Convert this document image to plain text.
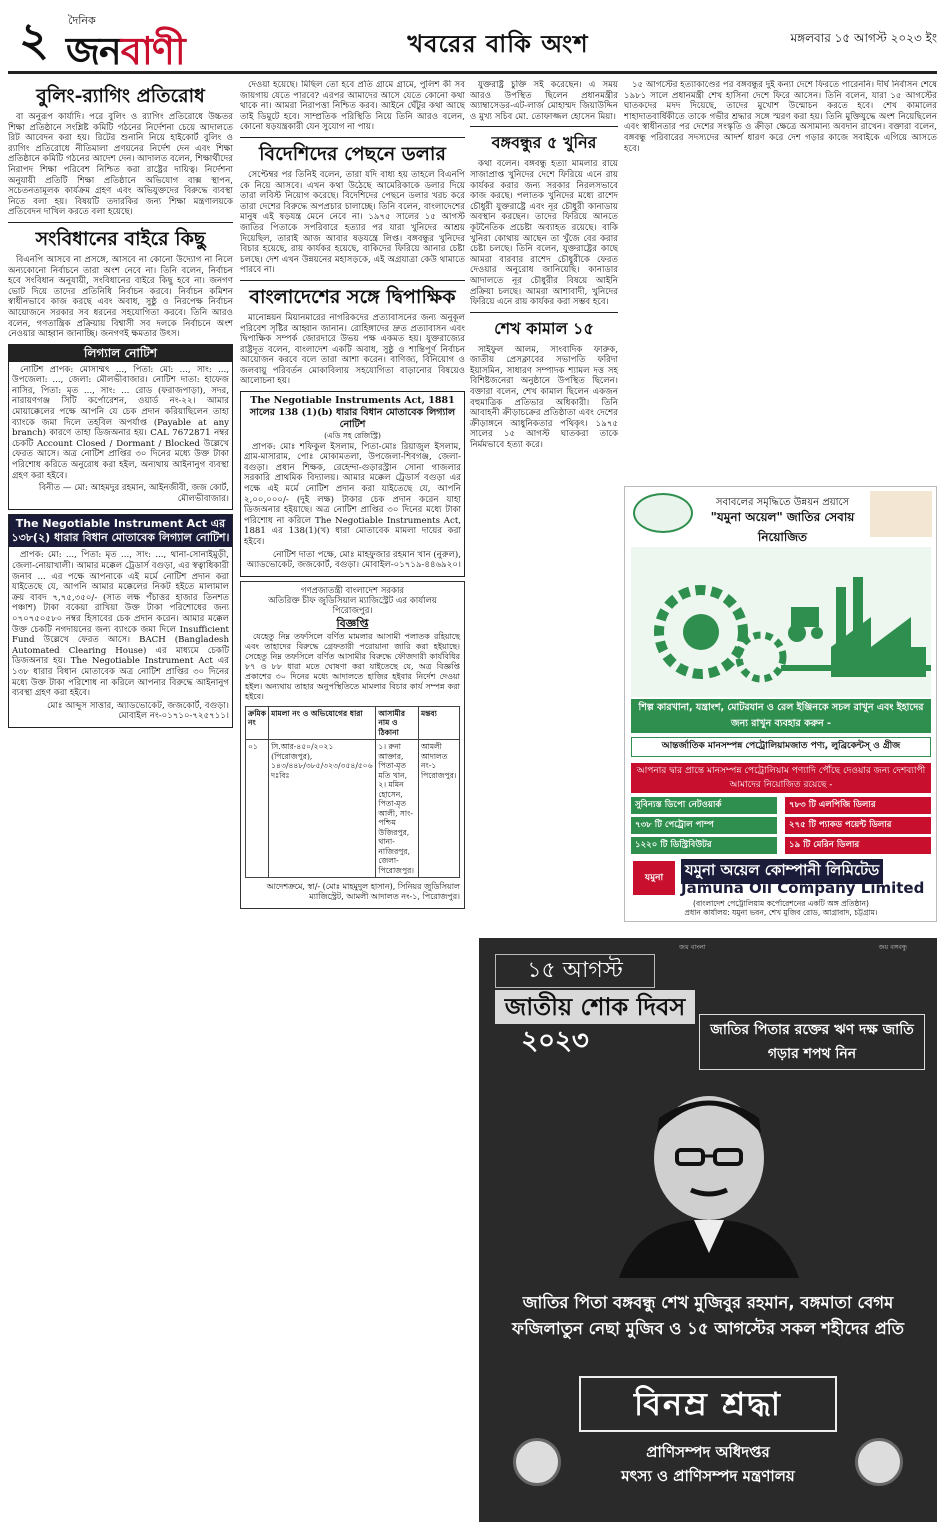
২	দৈনিক
জনবাণী	খবরের বাকি অংশ	মঙ্গলবার ১৫ আগস্ট ২০২৩ ইং
বুলিং-র‍্যাগিং প্রতিরোধ

বা অনুরূপ কার্যাদি। পরে বুলিং ও র‍্যাগিং প্রতিরোধে উচ্চতর শিক্ষা প্রতিষ্ঠানে সংশ্লিষ্ট কমিটি গঠনের নির্দেশনা চেয়ে আদালতে রিট আবেদন করা হয়। রিটের শুনানি নিয়ে হাইকোর্ট বুলিং ও র‍্যাগিং প্রতিরোধে নীতিমালা প্রণয়নের নির্দেশ দেন এবং শিক্ষা প্রতিষ্ঠানে কমিটি গঠনের আদেশ দেন। আদালত বলেন, শিক্ষার্থীদের নিরাপদ শিক্ষা পরিবেশ নিশ্চিত করা রাষ্ট্রের দায়িত্ব। নির্দেশনা অনুযায়ী প্রতিটি শিক্ষা প্রতিষ্ঠানে অভিযোগ বাক্স স্থাপন, সচেতনতামূলক কার্যক্রম গ্রহণ এবং অভিযুক্তদের বিরুদ্ধে ব্যবস্থা নিতে বলা হয়। বিষয়টি তদারকির জন্য শিক্ষা মন্ত্রণালয়কে প্রতিবেদন দাখিল করতে বলা হয়েছে।

সংবিধানের বাইরে কিছু

বিএনপি আসবে না প্রসঙ্গে, আসবে না কোনো উদ্যোগ না নিলে অন্যকোনো নির্বাচনে তারা অংশ নেবে না। তিনি বলেন, নির্বাচন হবে সংবিধান অনুযায়ী, সংবিধানের বাইরে কিছু হবে না। জনগণ ভোট দিয়ে তাদের প্রতিনিধি নির্বাচন করবে। নির্বাচন কমিশন স্বাধীনভাবে কাজ করছে এবং অবাধ, সুষ্ঠু ও নিরপেক্ষ নির্বাচন আয়োজনে সরকার সব ধরনের সহযোগিতা করবে। তিনি আরও বলেন, গণতান্ত্রিক প্রক্রিয়ায় বিশ্বাসী সব দলকে নির্বাচনে অংশ নেওয়ার আহ্বান জানাচ্ছি। জনগণই ক্ষমতার উৎস।

লিগ্যাল নোটিশ

নোটিশ প্রাপক: মোসাম্মৎ ..., পিতা: মো: ..., সাং: ..., উপজেলা: ..., জেলা: মৌলভীবাজার। নোটিশ দাতা: হাফেজ নাসির, পিতা: মৃত ..., সাং: ... রোড (ফরাজপাড়া), সদর, নারায়ণগঞ্জ সিটি কর্পোরেশন, ওয়ার্ড নং-২২। আমার মোয়াক্কেলের পক্ষে আপনি যে চেক প্রদান করিয়াছিলেন তাহা ব্যাংকে জমা দিলে তহবিল অপর্যাপ্ত (Payable at any branch) কারণে তাহা ডিজঅনার হয়। CAL 7672871 নম্বর চেকটি Account Closed / Dormant / Blocked উল্লেখে ফেরত আসে। অত্র নোটিশ প্রাপ্তির ৩০ দিনের মধ্যে উক্ত টাকা পরিশোধ করিতে অনুরোধ করা হইল, অন্যথায় আইনানুগ ব্যবস্থা গ্রহণ করা হইবে।

বিনীত — মো: আহমদুর রহমান, আইনজীবী, জজ কোর্ট, মৌলভীবাজার।

The Negotiable Instrument Act এর ১৩৮(২) ধারার বিধান মোতাবেক লিগ্যাল নোটিশ।

প্রাপক: মো: ..., পিতা: মৃত ..., সাং: ..., থানা-সোনাইমুড়ী, জেলা-নোয়াখালী। আমার মক্কেল ট্রেডার্স বগুড়া, এর স্বত্বাধিকারী জনাব ... এর পক্ষে আপনাকে এই মর্মে নোটিশ প্রদান করা যাইতেছে যে, আপনি আমার মক্কেলের নিকট হইতে মালামাল ক্রয় বাবদ ৭,৭৫,৩৫০/- (সাত লক্ষ পঁচাত্তর হাজার তিনশত পঞ্চাশ) টাকা বকেয়া রাখিয়া উক্ত টাকা পরিশোধের জন্য ০৭০৭৫০৫৮০ নম্বর হিসাবের চেক প্রদান করেন। আমার মক্কেল উক্ত চেকটি নগদায়নের জন্য ব্যাংকে জমা দিলে Insufficient Fund উল্লেখে ফেরত আসে। BACH (Bangladesh Automated Clearing House) এর মাধ্যমে চেকটি ডিজঅনার হয়। The Negotiable Instrument Act এর ১৩৮ ধারার বিধান মোতাবেক অত্র নোটিশ প্রাপ্তির ৩০ দিনের মধ্যে উক্ত টাকা পরিশোধ না করিলে আপনার বিরুদ্ধে আইনানুগ ব্যবস্থা গ্রহণ করা হইবে।

মোঃ আব্দুস সাত্তার, অ্যাডভোকেট, জজকোর্ট, বগুড়া। মোবাইল নং-০১৭১০-৭২৫৭১১।

দেওয়া হয়েছে। মিছিল তো হবে প্রতি গ্রামে গ্রামে, পুলিশ কী সব জায়গায় যেতে পারবে? এরপর আমাদের আসে যেতে কোনো কথা থাকে না। আমরা নিরাপত্তা নিশ্চিত করব। আইনে ঘেঁটুর কথা আছে তাই ডিমুটে হবে। সাম্প্রতিক পরিস্থিতি নিয়ে তিনি আরও বলেন, কোনো ষড়যন্ত্রকারী যেন সুযোগ না পায়।

বিদেশিদের পেছনে ডলার

সেপ্টেম্বর পর তিনিই বলেন, তারা যদি বাধ্য হয় তাহলে বিএনপি কে নিয়ে আসবে। এখন কথা উঠেছে আমেরিকাকে ডলার দিয়ে তারা লবিস্ট নিয়োগ করেছে। বিদেশিদের পেছনে ডলার খরচ করে তারা দেশের বিরুদ্ধে অপপ্রচার চালাচ্ছে। তিনি বলেন, বাংলাদেশের মানুষ এই ষড়যন্ত্র মেনে নেবে না। ১৯৭৫ সালের ১৫ আগস্ট জাতির পিতাকে সপরিবারে হত্যার পর যারা খুনিদের আশ্রয় দিয়েছিল, তারাই আজ আবার ষড়যন্ত্রে লিপ্ত। বঙ্গবন্ধুর খুনিদের বিচার হয়েছে, রায় কার্যকর হয়েছে, বাকিদের ফিরিয়ে আনার চেষ্টা চলছে। দেশ এখন উন্নয়নের মহাসড়কে, এই অগ্রযাত্রা কেউ থামাতে পারবে না।

বাংলাদেশের সঙ্গে দ্বিপাক্ষিক

মানোন্নয়ন মিয়ানমারের নাগরিকদের প্রত্যাবাসনের জন্য অনুকূল পরিবেশ সৃষ্টির আহ্বান জানান। রোহিঙ্গাদের দ্রুত প্রত্যাবাসন এবং দ্বিপাক্ষিক সম্পর্ক জোরদারে উভয় পক্ষ একমত হয়। যুক্তরাজ্যের রাষ্ট্রদূত বলেন, বাংলাদেশ একটি অবাধ, সুষ্ঠু ও শান্তিপূর্ণ নির্বাচন আয়োজন করবে বলে তারা আশা করেন। বাণিজ্য, বিনিয়োগ ও জলবায়ু পরিবর্তন মোকাবিলায় সহযোগিতা বাড়ানোর বিষয়েও আলোচনা হয়।

The Negotiable Instruments Act, 1881 সালের 138 (1)(b) ধারার বিধান মোতাবেক লিগ্যাল নোটিশ
(এডি সহ রেজিস্ট্রি)

প্রাপক: মোঃ শফিকুল ইসলাম, পিতা-মোঃ রিয়াজুল ইসলাম, গ্রাম-মাসারাম, পোঃ মোকামতলা, উপজেলা-শিবগঞ্জ, জেলা-বগুড়া। প্রধান শিক্ষক, রেহেন্দা-গুড়ারস্ট্রান সোনা গাজলার সরকারি প্রাথমিক বিদ্যালয়। আমার মক্কেল ট্রেডার্স বগুড়া এর পক্ষে এই মর্মে নোটিশ প্রদান করা যাইতেছে যে, আপনি ২,০০,০০০/- (দুই লক্ষ) টাকার চেক প্রদান করেন যাহা ডিজঅনার হইয়াছে। অত্র নোটিশ প্রাপ্তির ৩০ দিনের মধ্যে টাকা পরিশোধ না করিলে The Negotiable Instruments Act, 1881 এর 138(1)(খ) ধারা মোতাবেক মামলা দায়ের করা হইবে।

নোটিশ দাতা পক্ষে, মোঃ মাহফুজার রহমান খান (নুরুল), অ্যাডভোকেট, জজকোর্ট, বগুড়া। মোবাইল-০১৭১৯-৪৪৬৯২০।

গণপ্রজাতন্ত্রী বাংলাদেশ সরকার
অতিরিক্ত চীফ জুডিসিয়াল ম্যাজিস্ট্রেট এর কার্যালয়
পিরোজপুর।
বিজ্ঞপ্তি

যেহেতু নিম্ন তফসিলে বর্ণিত মামলার আসামী পলাতক রহিয়াছে এবং তাহাদের বিরুদ্ধে গ্রেফতারী পরোয়ানা জারি করা হইয়াছে। সেহেতু নিম্ন তফসিলে বর্ণিত আসামীর বিরুদ্ধে ফৌজদারী কার্যবিধির ৮৭ ও ৮৮ ধারা মতে ঘোষণা করা যাইতেছে যে, অত্র বিজ্ঞপ্তি প্রকাশের ৩০ দিনের মধ্যে আদালতে হাজির হইবার নির্দেশ দেওয়া হইল। অন্যথায় তাহার অনুপস্থিতিতে মামলার বিচার কার্য সম্পন্ন করা হইবে।

ক্রমিক নং	মামলা নং ও অভিযোগের ধারা	আসামীর নাম ও ঠিকানা	মন্তব্য
০১	সি.আর-৪৫০/২০২১ (পিরোজপুর), ১৪৩/৪৪৮/৩৮৫/৩২৩/৩৫৪/৫০৬ দঃবিঃ	১। রুনা আক্তার, পিতা-মৃত মতি খান, ২। মমিন হোসেন, পিতা-মৃত আলী, সাং-পশ্চিম উজিরপুর, থানা-নাজিরপুর, জেলা-পিরোজপুর।	আমলী আদালত নং-১ পিরোজপুর।

আদেশক্রমে, স্বা/- (মোঃ মাহমুদুল হাসান), সিনিয়র জুডিসিয়াল ম্যাজিস্ট্রেট, আমলী আদালত নং-১, পিরোজপুর।

যুক্তরাষ্ট্র চুক্তি সই করেছেন। এ সময় আরও উপস্থিত ছিলেন প্রধানমন্ত্রীর অ্যাম্বাসেডর-এট-লার্জ মোহাম্মদ জিয়াউদ্দিন ও মুখ্য সচিব মো. তোফাজ্জল হোসেন মিয়া।

বঙ্গবন্ধুর ৫ খুনির

কথা বলেন। বঙ্গবন্ধু হত্যা মামলার রায়ে সাজাপ্রাপ্ত খুনিদের দেশে ফিরিয়ে এনে রায় কার্যকর করার জন্য সরকার নিরলসভাবে কাজ করছে। পলাতক খুনিদের মধ্যে রাশেদ চৌধুরী যুক্তরাষ্ট্রে এবং নূর চৌধুরী কানাডায় অবস্থান করছেন। তাদের ফিরিয়ে আনতে কূটনৈতিক প্রচেষ্টা অব্যাহত রয়েছে। বাকি খুনিরা কোথায় আছেন তা খুঁজে বের করার চেষ্টা চলছে। তিনি বলেন, যুক্তরাষ্ট্রের কাছে আমরা বারবার রাশেদ চৌধুরীকে ফেরত দেওয়ার অনুরোধ জানিয়েছি। কানাডার আদালতে নূর চৌধুরীর বিষয়ে আইনি প্রক্রিয়া চলছে। আমরা আশাবাদী, খুনিদের ফিরিয়ে এনে রায় কার্যকর করা সম্ভব হবে।

শেখ কামাল ১৫

সাইফুল আলম, সাংবাদিক ফারুক, জাতীয় প্রেসক্লাবের সভাপতি ফরিদা ইয়াসমিন, সাধারণ সম্পাদক শ্যামল দত্ত সহ বিশিষ্টজনেরা অনুষ্ঠানে উপস্থিত ছিলেন। বক্তারা বলেন, শেখ কামাল ছিলেন একজন বহুমাত্রিক প্রতিভার অধিকারী। তিনি আবাহনী ক্রীড়াচক্রের প্রতিষ্ঠাতা এবং দেশের ক্রীড়াঙ্গনে আধুনিকতার পথিকৃৎ। ১৯৭৫ সালের ১৫ আগস্ট ঘাতকরা তাকে নির্মমভাবে হত্যা করে।

১৫ আগস্টের হত্যাকাণ্ডের পর বঙ্গবন্ধুর দুই কন্যা দেশে ফিরতে পারেননি। দীর্ঘ নির্বাসন শেষে ১৯৮১ সালে প্রধানমন্ত্রী শেখ হাসিনা দেশে ফিরে আসেন। তিনি বলেন, যারা ১৫ আগস্টের ঘাতকদের মদদ দিয়েছে, তাদের মুখোশ উন্মোচন করতে হবে। শেখ কামালের শাহাদাতবার্ষিকীতে তাকে গভীর শ্রদ্ধার সঙ্গে স্মরণ করা হয়। তিনি মুক্তিযুদ্ধে অংশ নিয়েছিলেন এবং স্বাধীনতার পর দেশের সংস্কৃতি ও ক্রীড়া ক্ষেত্রে অসামান্য অবদান রাখেন। বক্তারা বলেন, বঙ্গবন্ধু পরিবারের সদস্যদের আদর্শ ধারণ করে দেশ গড়ার কাজে সবাইকে এগিয়ে আসতে হবে।

সবাবলের সমৃদ্ধিতে উন্নয়ন প্রয়াসে
"যমুনা অয়েল" জাতির সেবায় নিয়োজিত
শিল্প কারখানা, যন্ত্রাংশ, মোটরযান ও রেল ইঞ্জিনকে সচল রাখুন এবং ইহাদের জন্য রাখুন ব্যবহার করুন -
আন্তর্জাতিক মানসম্পন্ন পেট্রোলিয়ামজাত পণ্য, লুব্রিকেন্টস্ ও গ্রীজ
আপনার দ্বার প্রান্তে মানসম্পন্ন পেট্রোলিয়াম পণ্যাদি পৌঁছে দেওয়ার জন্য দেশব্যাপী আমাদের নিয়োজিত রয়েছে -
সুবিন্যস্ত ডিপো নেটওয়ার্ক	৭৮৩ টি এলপিজি ডিলার
৭৩৮ টি পেট্রোল পাম্প	২৭৫ টি প্যাকড পয়েন্ট ডিলার
১২২০ টি ডিস্ট্রিবিউটর	১৯ টি মেরিন ডিলার
যমুনা	যমুনা অয়েল কোম্পানী লিমিটেড
Jamuna Oil Company Limited
(বাংলাদেশ পেট্রোলিয়াম কর্পোরেশনের একটি অঙ্গ প্রতিষ্ঠান)
প্রধান কার্যালয়: যমুনা ভবন, শেখ মুজিব রোড, আগ্রাবাদ, চট্টগ্রাম।
জয় বাংলা	জয় বঙ্গবন্ধু
১৫ আগস্ট
জাতীয় শোক দিবস
২০২৩	জাতির পিতার রক্তের ঋণ দক্ষ জাতি গড়ার শপথ নিন
জাতির পিতা বঙ্গবন্ধু শেখ মুজিবুর রহমান, বঙ্গমাতা বেগম ফজিলাতুন নেছা মুজিব ও ১৫ আগস্টের সকল শহীদের প্রতি
বিনম্র শ্রদ্ধা
প্রাণিসম্পদ অধিদপ্তর
মৎস্য ও প্রাণিসম্পদ মন্ত্রণালয়
